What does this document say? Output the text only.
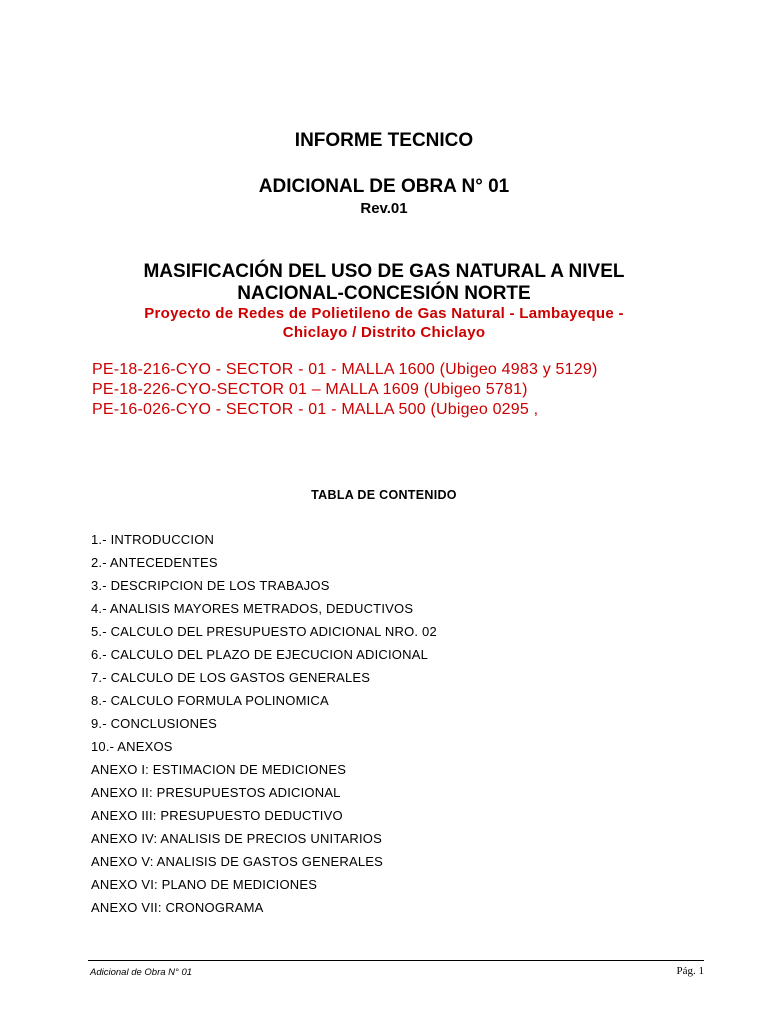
INFORME TECNICO
ADICIONAL DE OBRA N° 01
Rev.01
MASIFICACIÓN DEL USO DE GAS NATURAL A NIVEL
NACIONAL-CONCESIÓN NORTE
Proyecto de Redes de Polietileno de Gas Natural - Lambayeque -
Chiclayo / Distrito Chiclayo
PE-18-216-CYO - SECTOR - 01 - MALLA 1600 (Ubigeo 4983 y 5129)
PE-18-226-CYO-SECTOR 01 – MALLA 1609 (Ubigeo 5781)
PE-16-026-CYO - SECTOR - 01 - MALLA 500 (Ubigeo 0295 ,
TABLA DE CONTENIDO
1.- INTRODUCCION
2.- ANTECEDENTES
3.- DESCRIPCION DE LOS TRABAJOS
4.- ANALISIS MAYORES METRADOS, DEDUCTIVOS
5.- CALCULO DEL PRESUPUESTO ADICIONAL NRO. 02
6.- CALCULO DEL PLAZO DE EJECUCION ADICIONAL
7.- CALCULO DE LOS GASTOS GENERALES
8.- CALCULO FORMULA POLINOMICA
9.- CONCLUSIONES
10.- ANEXOS
ANEXO I: ESTIMACION DE MEDICIONES
ANEXO II: PRESUPUESTOS ADICIONAL
ANEXO III: PRESUPUESTO DEDUCTIVO
ANEXO IV: ANALISIS DE PRECIOS UNITARIOS
ANEXO V: ANALISIS DE GASTOS GENERALES
ANEXO VI: PLANO DE MEDICIONES
ANEXO VII: CRONOGRAMA
Adicional de Obra N° 01	Pág. 1
